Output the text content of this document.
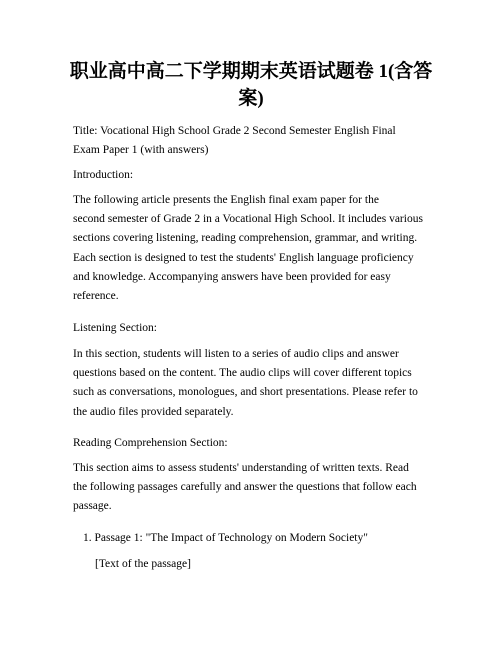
职业高中高二下学期期末英语试题卷 1(含答案)
Title: Vocational High School Grade 2 Second Semester English Final
Exam Paper 1 (with answers)
Introduction:
The following article presents the English final exam paper for the
second semester of Grade 2 in a Vocational High School. It includes various
sections covering listening, reading comprehension, grammar, and writing.
Each section is designed to test the students' English language proficiency
and knowledge. Accompanying answers have been provided for easy
reference.
Listening Section:
In this section, students will listen to a series of audio clips and answer
questions based on the content. The audio clips will cover different topics
such as conversations, monologues, and short presentations. Please refer to
the audio files provided separately.
Reading Comprehension Section:
This section aims to assess students' understanding of written texts. Read
the following passages carefully and answer the questions that follow each
passage.
1. Passage 1: "The Impact of Technology on Modern Society"
[Text of the passage]
